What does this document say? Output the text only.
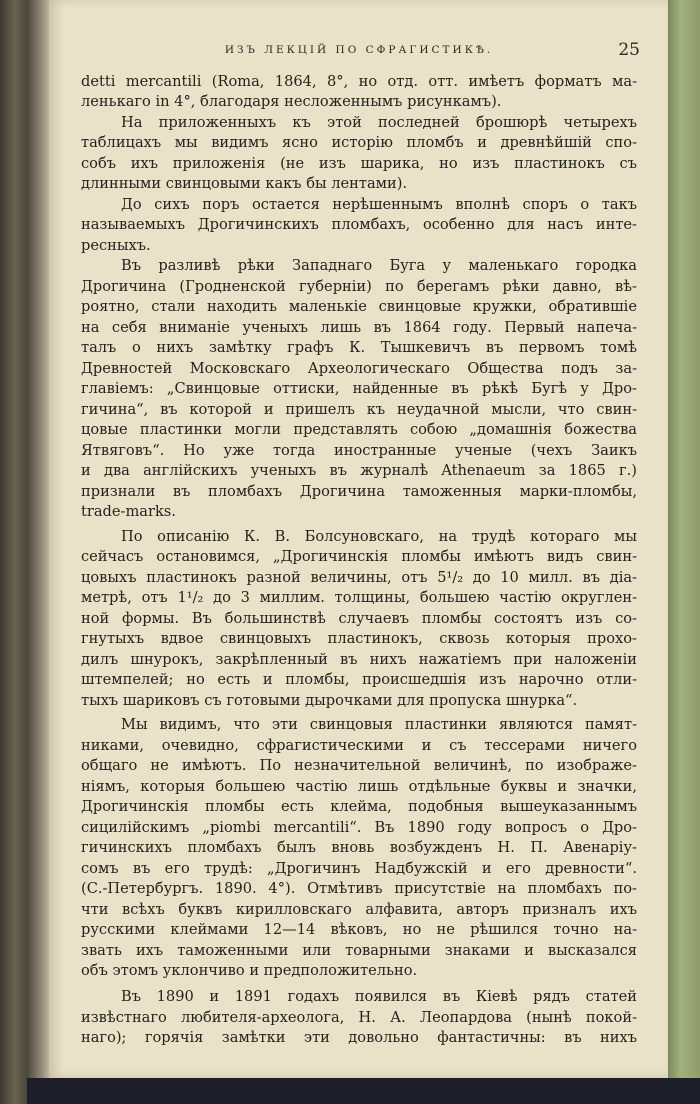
ИЗЪ ЛЕКЦІЙ ПО СФРАГИСТИКѢ.	25
detti mercantili (Roma, 1864, 8°, но отд. отт. имѣетъ форматъ ма-
ленькаго in 4°, благодаря несложеннымъ рисункамъ).
На приложенныхъ къ этой последней брошюрѣ четырехъ
таблицахъ мы видимъ ясно исторію пломбъ и древнѣйшій спо-
собъ ихъ приложенія (не изъ шарика, но изъ пластинокъ съ
длинными свинцовыми какъ бы лентами).
До сихъ поръ остается нерѣшеннымъ вполнѣ споръ о такъ
называемыхъ Дрогичинскихъ пломбахъ, особенно для насъ инте-
ресныхъ.
Въ разливѣ рѣки Западнаго Буга у маленькаго городка
Дрогичина (Гродненской губерніи) по берегамъ рѣки давно, вѣ-
роятно, стали находить маленькіе свинцовые кружки, обратившіе
на себя вниманіе ученыхъ лишь въ 1864 году. Первый напеча-
талъ о нихъ замѣтку графъ К. Тышкевичъ въ первомъ томѣ
Древностей Московскаго Археологическаго Общества подъ за-
главіемъ: „Свинцовые оттиски, найденные въ рѣкѣ Бугѣ у Дро-
гичина“, въ которой и пришелъ къ неудачной мысли, что свин-
цовые пластинки могли представлять собою „домашнія божества
Ятвяговъ“. Но уже тогда иностранные ученые (чехъ Заикъ
и два англійскихъ ученыхъ въ журналѣ Athenaeum за 1865 г.)
признали въ пломбахъ Дрогичина таможенныя марки-пломбы,
trade-marks.
По описанію К. В. Болсуновскаго, на трудѣ котораго мы
сейчасъ остановимся, „Дрогичинскія пломбы имѣютъ видъ свин-
цовыхъ пластинокъ разной величины, отъ 5¹/₂ до 10 милл. въ діа-
метрѣ, отъ 1¹/₂ до 3 миллим. толщины, большею частію округлен-
ной формы. Въ большинствѣ случаевъ пломбы состоятъ изъ со-
гнутыхъ вдвое свинцовыхъ пластинокъ, сквозь которыя прохо-
дилъ шнурокъ, закрѣпленный въ нихъ нажатіемъ при наложеніи
штемпелей; но есть и пломбы, происшедшія изъ нарочно отли-
тыхъ шариковъ съ готовыми дырочками для пропуска шнурка“.
Мы видимъ, что эти свинцовыя пластинки являются памят-
никами, очевидно, сфрагистическими и съ тессерами ничего
общаго не имѣютъ. По незначительной величинѣ, по изображе-
ніямъ, которыя большею частію лишь отдѣльные буквы и значки,
Дрогичинскія пломбы есть клейма, подобныя вышеуказаннымъ
сицилійскимъ „piombi mercantili“. Въ 1890 году вопросъ о Дро-
гичинскихъ пломбахъ былъ вновь возбужденъ Н. П. Авенаріу-
сомъ въ его трудѣ: „Дрогичинъ Надбужскій и его древности“.
(С.-Петербургъ. 1890. 4°). Отмѣтивъ присутствіе на пломбахъ по-
чти всѣхъ буквъ кирилловскаго алфавита, авторъ призналъ ихъ
русскими клеймами 12—14 вѣковъ, но не рѣшился точно на-
звать ихъ таможенными или товарными знаками и высказался
объ этомъ уклончиво и предположительно.
Въ 1890 и 1891 годахъ появился въ Кіевѣ рядъ статей
извѣстнаго любителя-археолога, Н. А. Леопардова (нынѣ покой-
наго); горячія замѣтки эти довольно фантастичны: въ нихъ
